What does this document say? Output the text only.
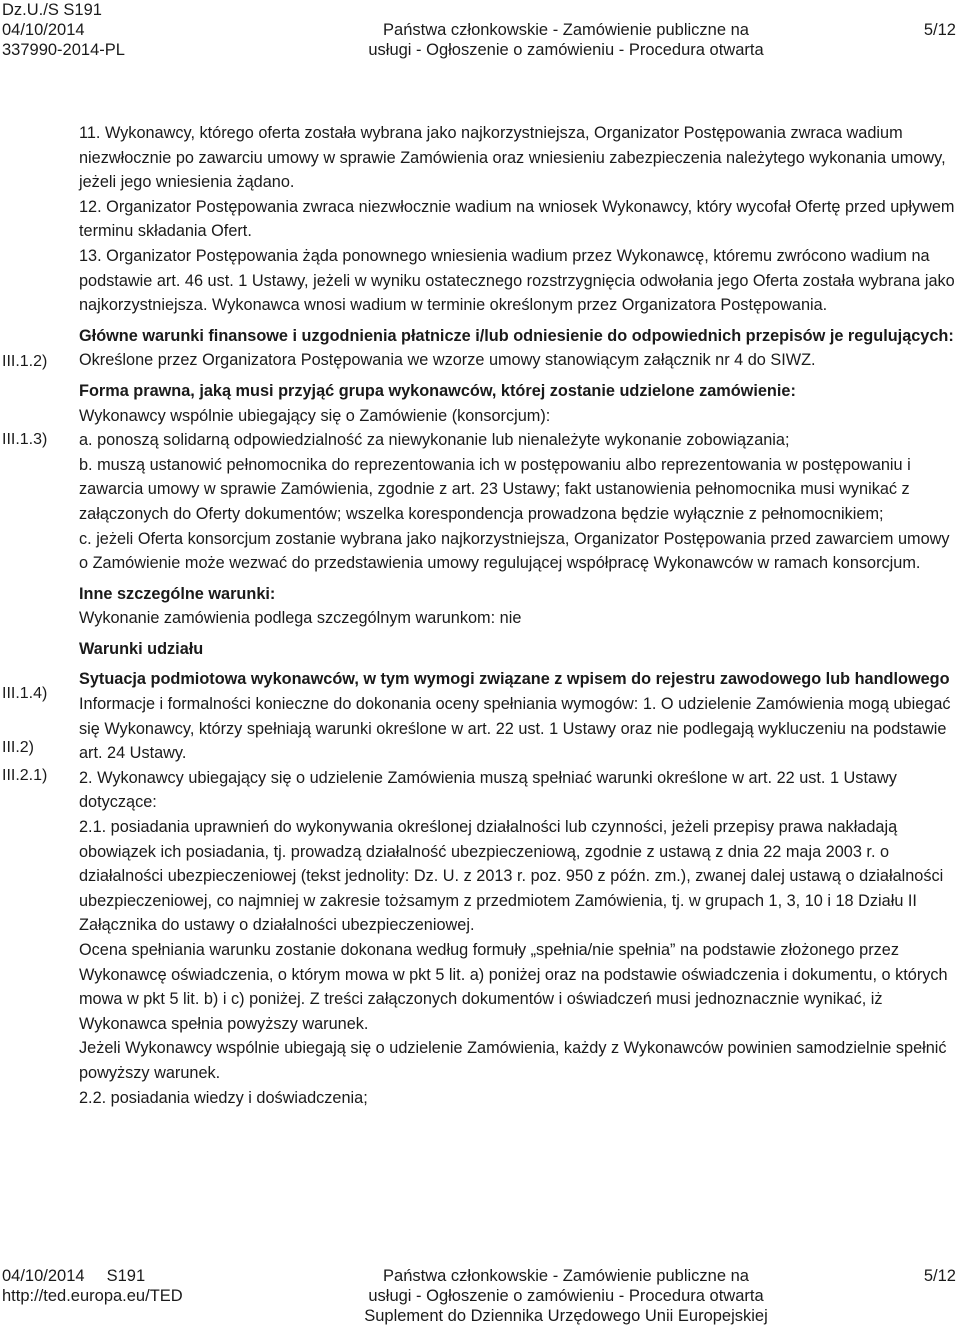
Dz.U./S S191
04/10/2014
337990-2014-PL

Państwa członkowskie - Zamówienie publiczne na
usługi - Ogłoszenie o zamówieniu - Procedura otwarta

5/12
III.1.2)
III.1.3)
III.1.4)
III.2)
III.2.1)

11. Wykonawcy, którego oferta została wybrana jako najkorzystniejsza, Organizator Postępowania zwraca wadium niezwłocznie po zawarciu umowy w sprawie Zamówienia oraz wniesieniu zabezpieczenia należytego wykonania umowy, jeżeli jego wniesienia żądano.

12. Organizator Postępowania zwraca niezwłocznie wadium na wniosek Wykonawcy, który wycofał Ofertę przed upływem terminu składania Ofert.

13. Organizator Postępowania żąda ponownego wniesienia wadium przez Wykonawcę, któremu zwrócono wadium na podstawie art. 46 ust. 1 Ustawy, jeżeli w wyniku ostatecznego rozstrzygnięcia odwołania jego Oferta została wybrana jako najkorzystniejsza. Wykonawca wnosi wadium w terminie określonym przez Organizatora Postępowania.

Główne warunki finansowe i uzgodnienia płatnicze i/lub odniesienie do odpowiednich przepisów je regulujących:

Określone przez Organizatora Postępowania we wzorze umowy stanowiącym załącznik nr 4 do SIWZ.

Forma prawna, jaką musi przyjąć grupa wykonawców, której zostanie udzielone zamówienie:

Wykonawcy wspólnie ubiegający się o Zamówienie (konsorcjum):

a. ponoszą solidarną odpowiedzialność za niewykonanie lub nienależyte wykonanie zobowiązania;

b. muszą ustanowić pełnomocnika do reprezentowania ich w postępowaniu albo reprezentowania w postępowaniu i zawarcia umowy w sprawie Zamówienia, zgodnie z art. 23 Ustawy; fakt ustanowienia pełnomocnika musi wynikać z załączonych do Oferty dokumentów; wszelka korespondencja prowadzona będzie wyłącznie z pełnomocnikiem;

c. jeżeli Oferta konsorcjum zostanie wybrana jako najkorzystniejsza, Organizator Postępowania przed zawarciem umowy o Zamówienie może wezwać do przedstawienia umowy regulującej współpracę Wykonawców w ramach konsorcjum.

Inne szczególne warunki:

Wykonanie zamówienia podlega szczególnym warunkom: nie

Warunki udziału

Sytuacja podmiotowa wykonawców, w tym wymogi związane z wpisem do rejestru zawodowego lub handlowego

Informacje i formalności konieczne do dokonania oceny spełniania wymogów: 1. O udzielenie Zamówienia mogą ubiegać się Wykonawcy, którzy spełniają warunki określone w art. 22 ust. 1 Ustawy oraz nie podlegają wykluczeniu na podstawie art. 24 Ustawy.

2. Wykonawcy ubiegający się o udzielenie Zamówienia muszą spełniać warunki określone w art. 22 ust. 1 Ustawy dotyczące:

2.1. posiadania uprawnień do wykonywania określonej działalności lub czynności, jeżeli przepisy prawa nakładają obowiązek ich posiadania, tj. prowadzą działalność ubezpieczeniową, zgodnie z ustawą z dnia 22 maja 2003 r. o działalności ubezpieczeniowej (tekst jednolity: Dz. U. z 2013 r. poz. 950 z późn. zm.), zwanej dalej ustawą o działalności ubezpieczeniowej, co najmniej w zakresie tożsamym z przedmiotem Zamówienia, tj. w grupach 1, 3, 10 i 18 Działu II Załącznika do ustawy o działalności ubezpieczeniowej.

Ocena spełniania warunku zostanie dokonana według formuły „spełnia/nie spełnia” na podstawie złożonego przez Wykonawcę oświadczenia, o którym mowa w pkt 5 lit. a) poniżej oraz na podstawie oświadczenia i dokumentu, o których mowa w pkt 5 lit. b) i c) poniżej. Z treści załączonych dokumentów i oświadczeń musi jednoznacznie wynikać, iż Wykonawca spełnia powyższy warunek.

Jeżeli Wykonawcy wspólnie ubiegają się o udzielenie Zamówienia, każdy z Wykonawców powinien samodzielnie spełnić powyższy warunek.

2.2. posiadania wiedzy i doświadczenia;

04/10/2014 S191
http://ted.europa.eu/TED
Państwa członkowskie - Zamówienie publiczne na
usługi - Ogłoszenie o zamówieniu - Procedura otwarta
Suplement do Dziennika Urzędowego Unii Europejskiej
5/12
